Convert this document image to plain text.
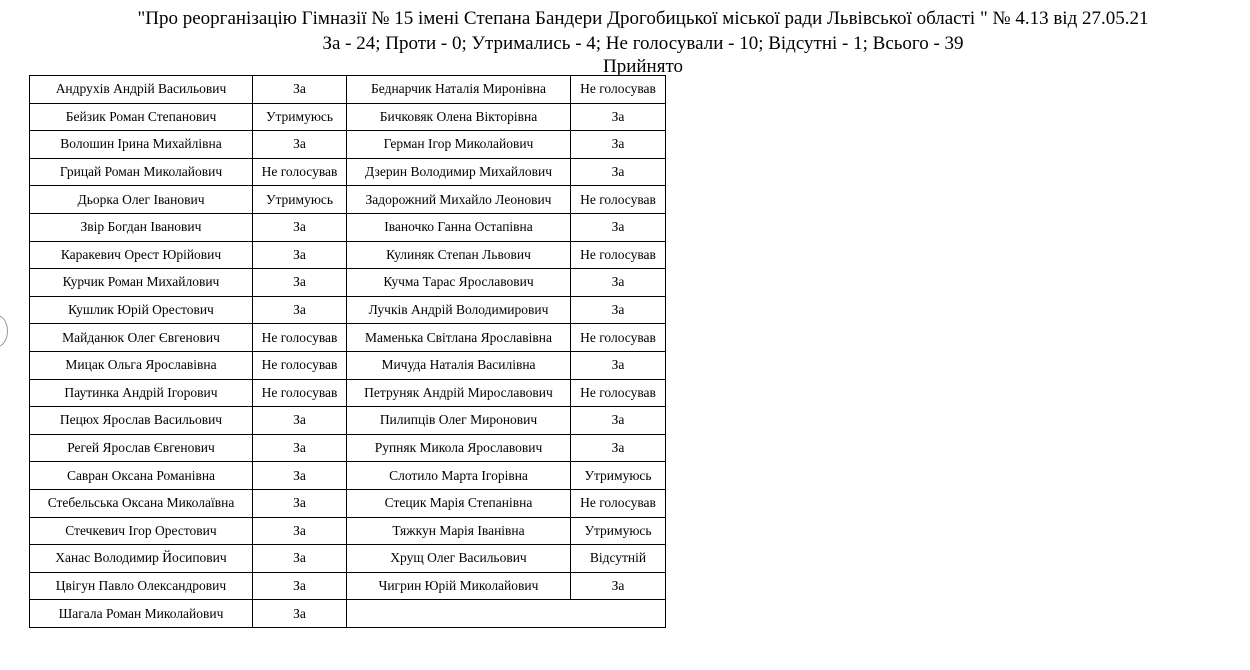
"Про реорганізацію Гімназії № 15 імені Степана Бандери Дрогобицької міської ради Львівської області " № 4.13 від 27.05.21
За - 24; Проти - 0; Утримались - 4; Не голосували - 10; Відсутні - 1; Всього - 39
Прийнято
Андрухів Андрій Васильович	За	Беднарчик Наталія Миронівна	Не голосував
Бейзик Роман Степанович	Утримуюсь	Бичковяк Олена Вікторівна	За
Волошин Ірина Михайлівна	За	Герман Ігор Миколайович	За
Грицай Роман Миколайович	Не голосував	Дзерин Володимир Михайлович	За
Дьорка Олег Іванович	Утримуюсь	Задорожний Михайло Леонович	Не голосував
Звір Богдан Іванович	За	Іваночко Ганна Остапівна	За
Каракевич Орест Юрійович	За	Кулиняк Степан Львович	Не голосував
Курчик Роман Михайлович	За	Кучма Тарас Ярославович	За
Кушлик Юрій Орестович	За	Лучків Андрій Володимирович	За
Майданюк Олег Євгенович	Не голосував	Маменька Світлана Ярославівна	Не голосував
Мицак Ольга Ярославівна	Не голосував	Мичуда Наталія Василівна	За
Паутинка Андрій Ігорович	Не голосував	Петруняк Андрій Мирославович	Не голосував
Пецюх Ярослав Васильович	За	Пилипців Олег Миронович	За
Регей Ярослав Євгенович	За	Рупняк Микола Ярославович	За
Савран Оксана Романівна	За	Слотило Марта Ігорівна	Утримуюсь
Стебельська Оксана Миколаївна	За	Стецик Марія Степанівна	Не голосував
Стечкевич Ігор Орестович	За	Тяжкун Марія Іванівна	Утримуюсь
Ханас Володимир Йосипович	За	Хрущ Олег Васильович	Відсутній
Цвігун Павло Олександрович	За	Чигрин Юрій Миколайович	За
Шагала Роман Миколайович	За		
